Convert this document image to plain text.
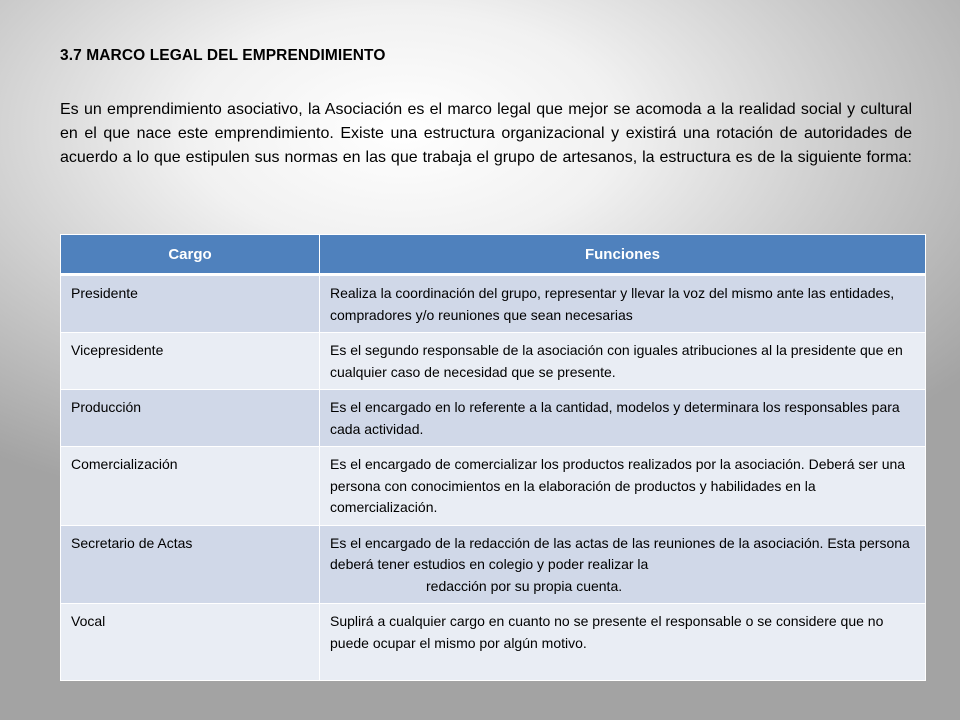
3.7 MARCO LEGAL DEL EMPRENDIMIENTO

Es un emprendimiento asociativo, la Asociación es el marco legal que mejor se acomoda a la realidad social y cultural en el que nace este emprendimiento. Existe una estructura organizacional y existirá una rotación de autoridades de acuerdo a lo que estipulen sus normas en las que trabaja el grupo de artesanos, la estructura es de la siguiente forma:

Cargo	Funciones
Presidente	Realiza la coordinación del grupo, representar y llevar la voz del mismo ante las entidades, compradores y/o reuniones que sean necesarias
Vicepresidente	Es el segundo responsable de la asociación con iguales atribuciones al la presidente que en cualquier caso de necesidad que se presente.
Producción	Es el encargado en lo referente a la cantidad, modelos y determinara los responsables para cada actividad.
Comercialización	Es el encargado de comercializar los productos realizados por la asociación. Deberá ser una persona con conocimientos en la elaboración de productos y habilidades en la comercialización.
Secretario de Actas	Es el encargado de la redacción de las actas de las reuniones de la asociación. Esta persona deberá tener estudios en colegio y poder realizar la
redacción por su propia cuenta.

Vocal	Suplirá a cualquier cargo en cuanto no se presente el responsable o se considere que no puede ocupar el mismo por algún motivo.
